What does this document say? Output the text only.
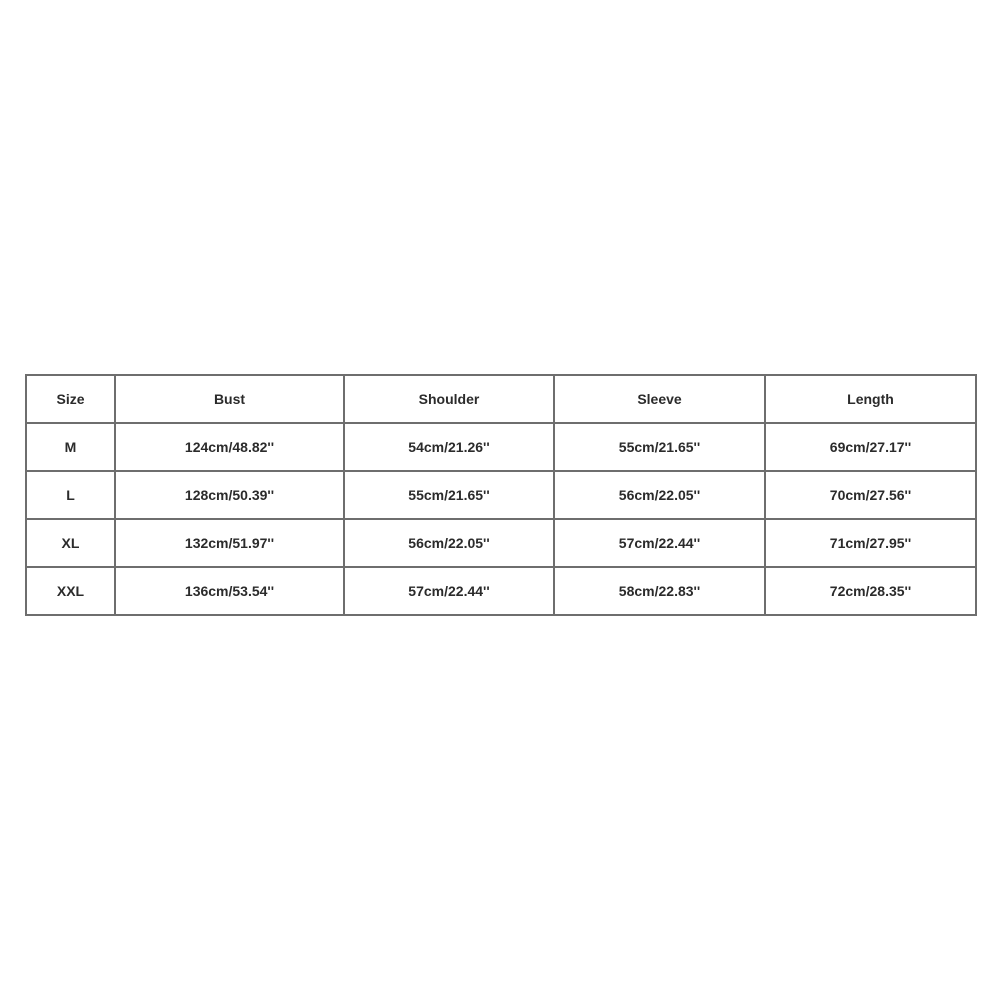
Size	Bust	Shoulder	Sleeve	Length
M	124cm/48.82''	54cm/21.26''	55cm/21.65''	69cm/27.17''
L	128cm/50.39''	55cm/21.65''	56cm/22.05''	70cm/27.56''
XL	132cm/51.97''	56cm/22.05''	57cm/22.44''	71cm/27.95''
XXL	136cm/53.54''	57cm/22.44''	58cm/22.83''	72cm/28.35''
